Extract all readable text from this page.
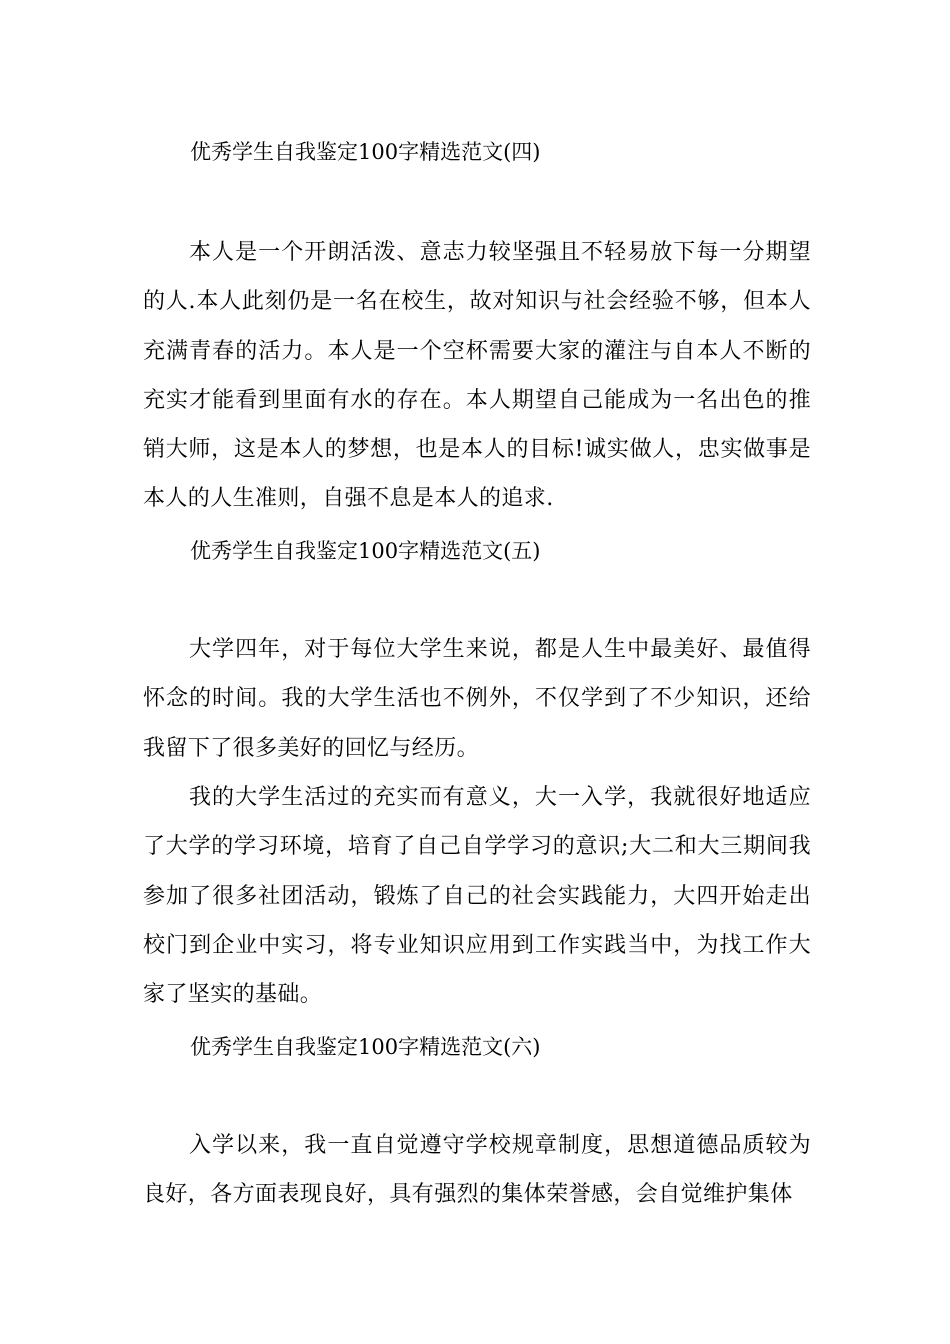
优秀学生自我鉴定100字精选范文(四)

本人是一个开朗活泼、意志力较坚强且不轻易放下每一分期望的人.本人此刻仍是一名在校生，故对知识与社会经验不够，但本人充满青春的活力。本人是一个空杯需要大家的灌注与自本人不断的充实才能看到里面有水的存在。本人期望自己能成为一名出色的推销大师，这是本人的梦想，也是本人的目标!诚实做人，忠实做事是本人的人生准则，自强不息是本人的追求.

优秀学生自我鉴定100字精选范文(五)

大学四年，对于每位大学生来说，都是人生中最美好、最值得怀念的时间。我的大学生活也不例外，不仅学到了不少知识，还给我留下了很多美好的回忆与经历。

我的大学生活过的充实而有意义，大一入学，我就很好地适应了大学的学习环境，培育了自己自学学习的意识;大二和大三期间我参加了很多社团活动，锻炼了自己的社会实践能力，大四开始走出校门到企业中实习，将专业知识应用到工作实践当中，为找工作大家了坚实的基础。

优秀学生自我鉴定100字精选范文(六)

入学以来，我一直自觉遵守学校规章制度，思想道德品质较为良好，各方面表现良好，具有强烈的集体荣誉感，会自觉维护集体
